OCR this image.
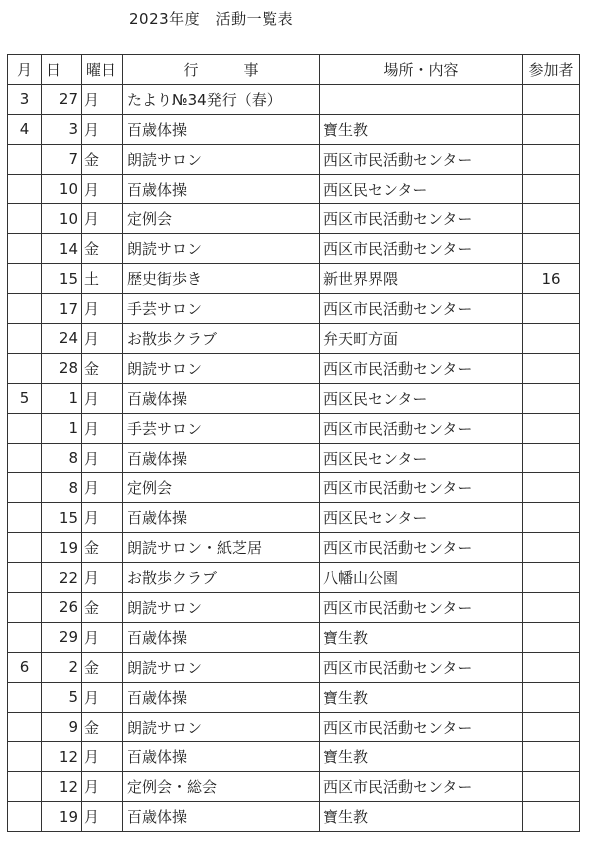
2023年度　活動一覧表
月	日	曜日	行　　　事	場所・内容	参加者
3	27	月	たより№34発行（春）		
4	3	月	百歳体操	寶生教	
	7	金	朗読サロン	西区市民活動センター	
	10	月	百歳体操	西区民センター	
	10	月	定例会	西区市民活動センター	
	14	金	朗読サロン	西区市民活動センター	
	15	土	歴史街歩き	新世界界隈	16
	17	月	手芸サロン	西区市民活動センター	
	24	月	お散歩クラブ	弁天町方面	
	28	金	朗読サロン	西区市民活動センター	
5	1	月	百歳体操	西区民センター	
	1	月	手芸サロン	西区市民活動センター	
	8	月	百歳体操	西区民センター	
	8	月	定例会	西区市民活動センター	
	15	月	百歳体操	西区民センター	
	19	金	朗読サロン・紙芝居	西区市民活動センター	
	22	月	お散歩クラブ	八幡山公園	
	26	金	朗読サロン	西区市民活動センター	
	29	月	百歳体操	寶生教	
6	2	金	朗読サロン	西区市民活動センター	
	5	月	百歳体操	寶生教	
	9	金	朗読サロン	西区市民活動センター	
	12	月	百歳体操	寶生教	
	12	月	定例会・総会	西区市民活動センター	
	19	月	百歳体操	寶生教	
